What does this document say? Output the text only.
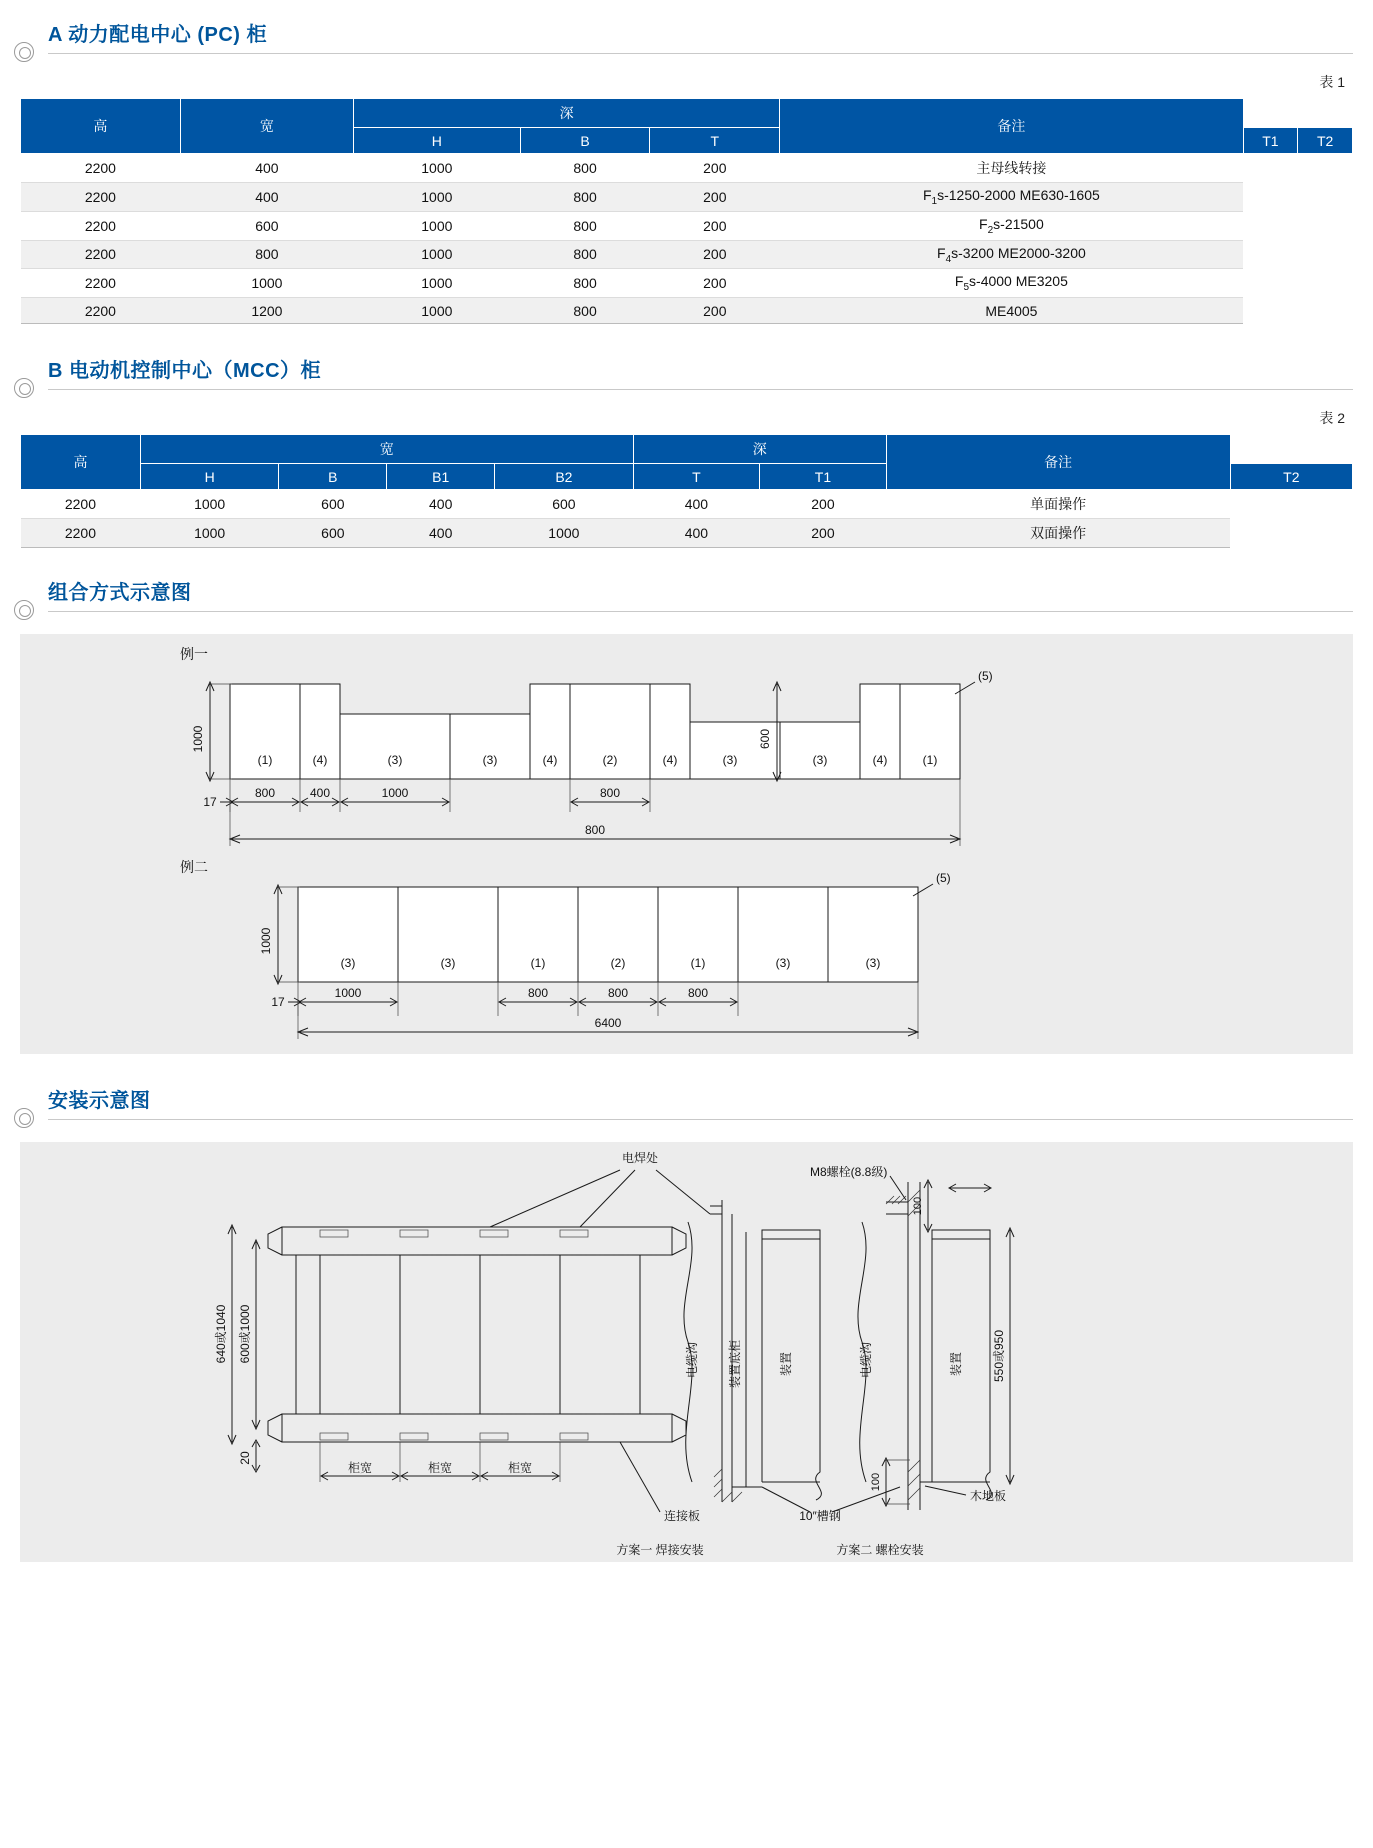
A 动力配电中心 (PC) 柜
表 1
高	宽	深			备注		
		H	B	T		T1	T2
2200	400	1000	800	200	主母线转接		
2200	400	1000	800	200	$F_1s-1250-2000$ ME630-1605		
2200	600	1000	800	200	$F_2s-21500$		
2200	800	1000	800	200	$F_4s-3200$ ME2000-3200		
2200	1000	1000	800	200	$F_5s-4000$ ME3205		
2200	1200	1000	800	200	ME4005		
B 电动机控制中心（MCC）柜
表 2
高	宽				深		备注	
	H	B	B1	B2	T	T1		T2
2200	1000	600	400	600	400	200	单面操作	
2200	1000	600	400	1000	400	200	双面操作	
组合方式示意图
例一
(1)	(4)	(3)	(3)	(4)	(2)	(4)	(3)	(3)	(4)	(1)
1000	600
(5)
17
800	400	1000	800
800
例二
(3)	(3)	(1)	(2)	(1)	(3)	(3)
1000
(5)
17
1000	800	800	800
6400
安装示意图
640或1040 600或1000
20
柜宽	柜宽	柜宽
电焊处
连接板
电缆沟 装置底柜	装置
方案一 焊接安装
10″槽钢
电缆沟	装置
100
100
550或950
M8螺栓(8.8级)
木地板
方案二 螺栓安装
